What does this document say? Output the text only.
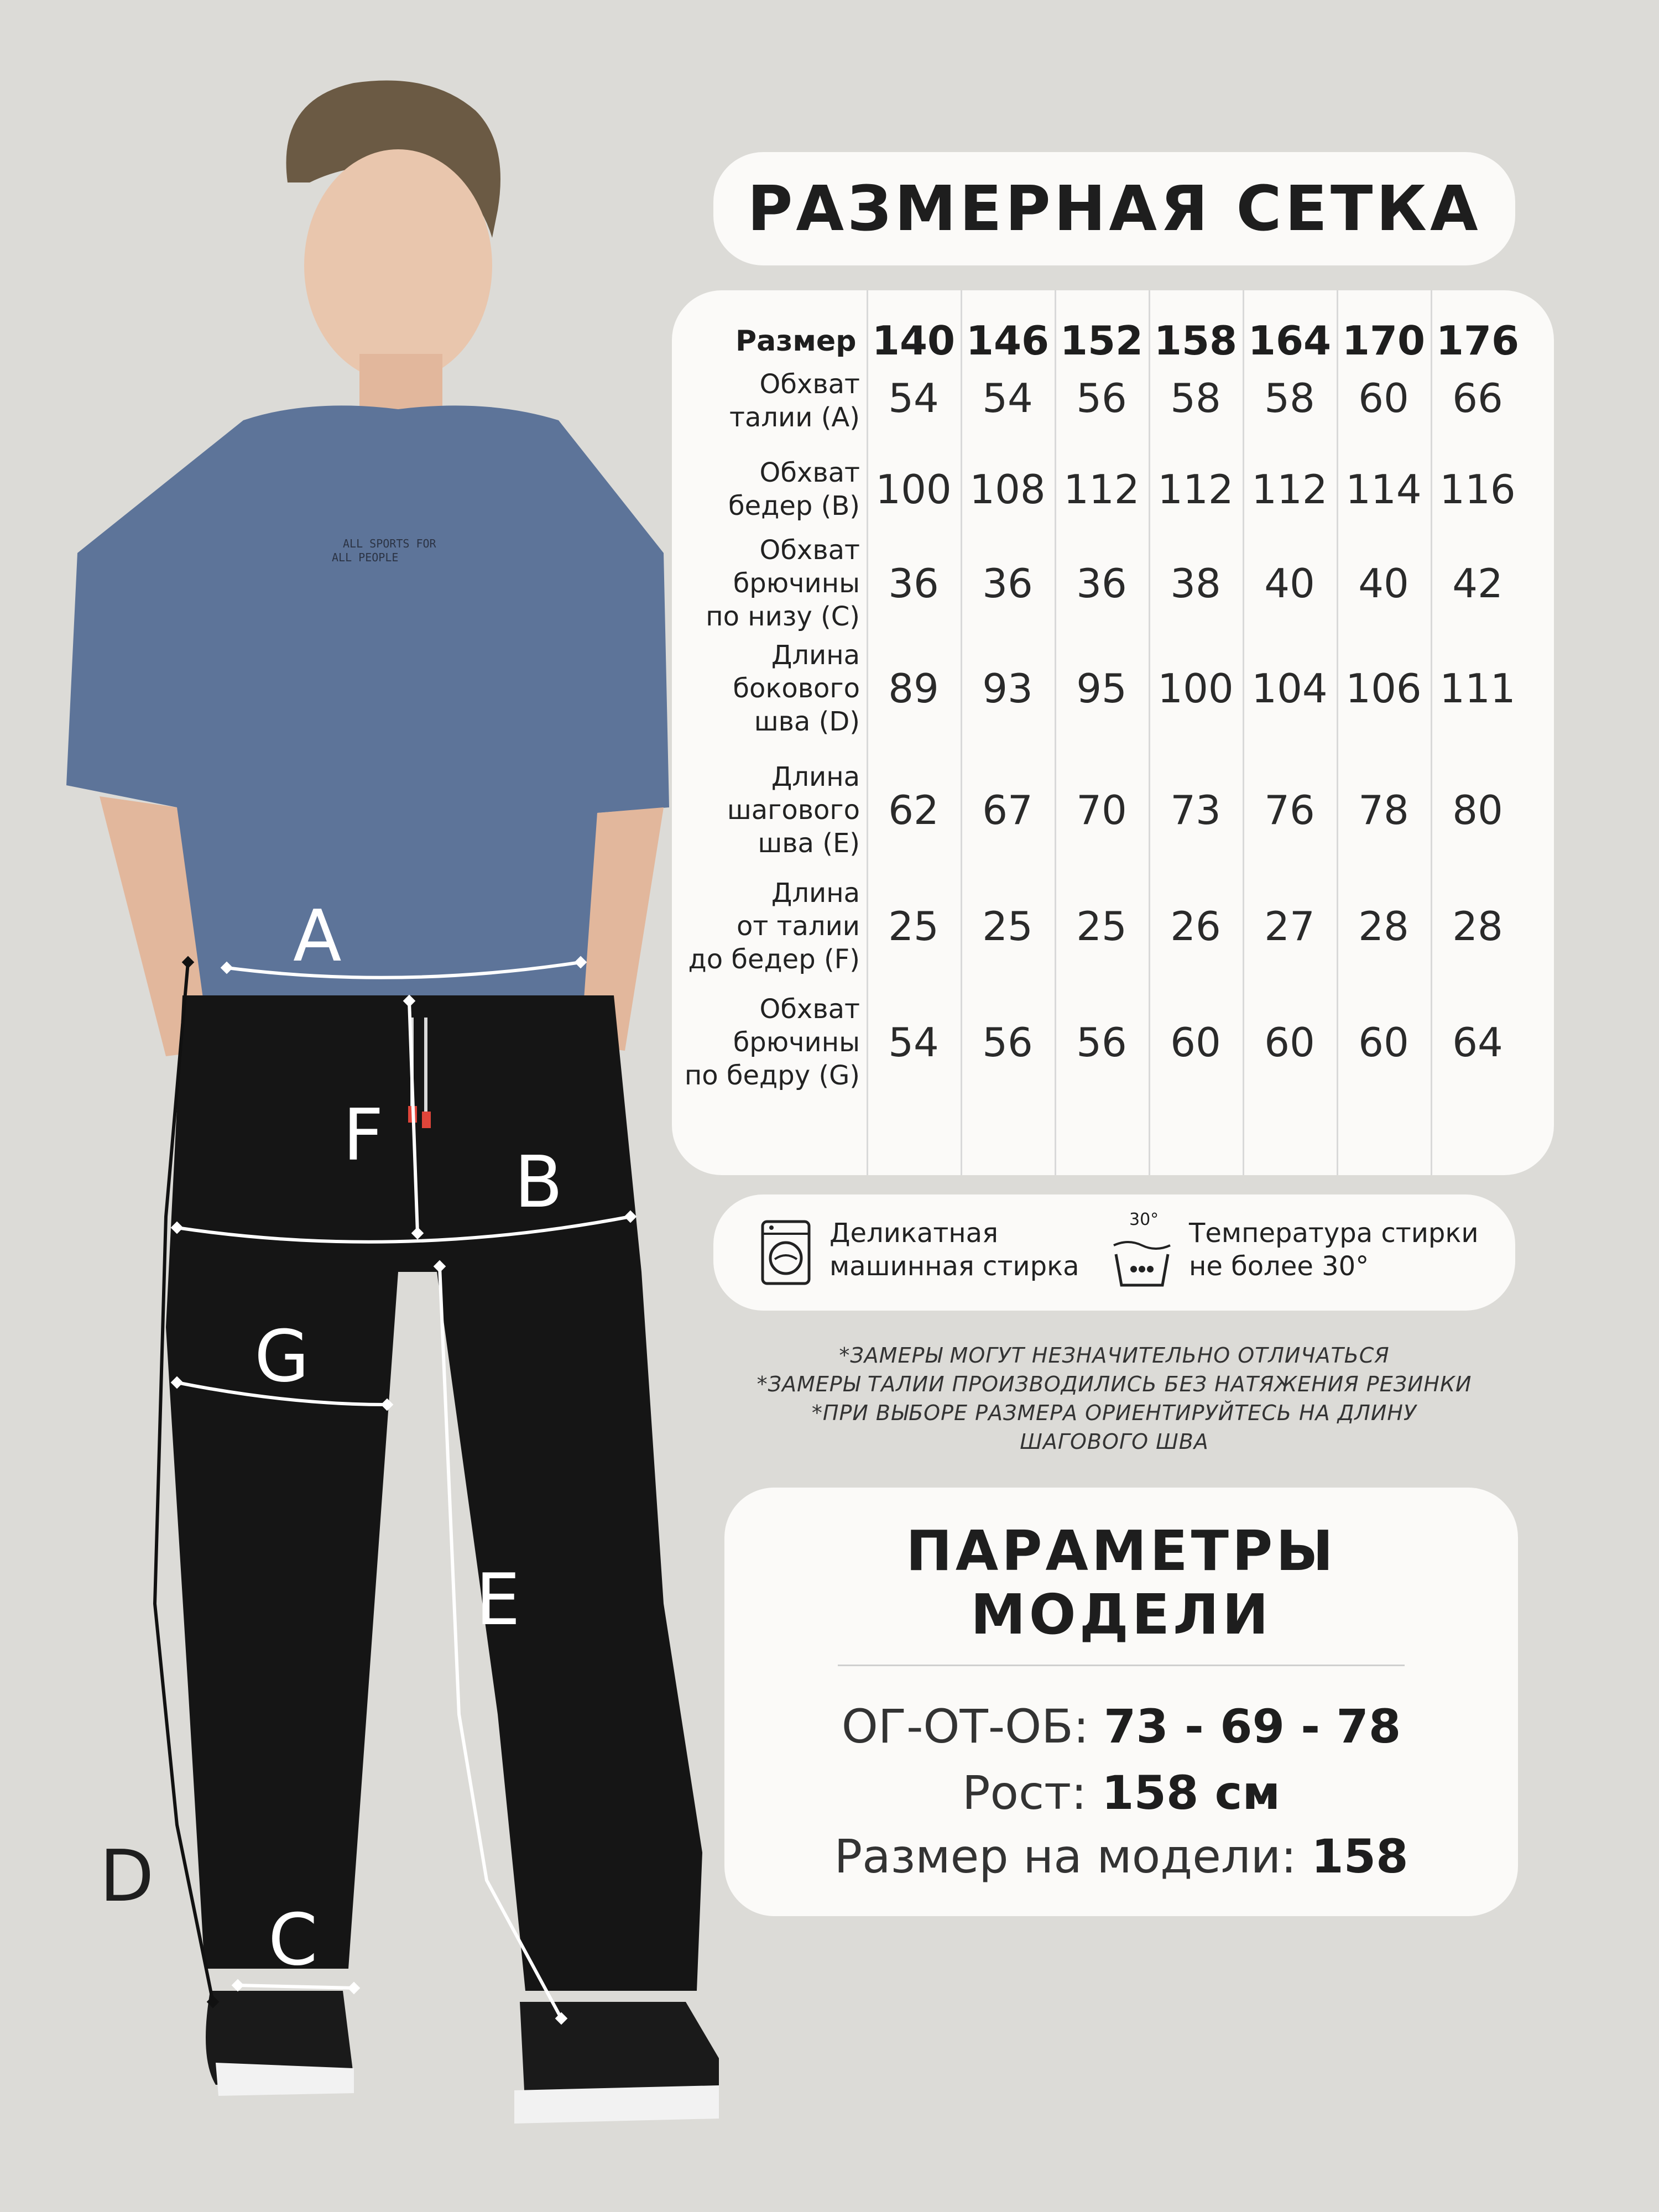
ALL SPORTS FOR
ALL PEOPLE
A
B
F
G
E
C
D
РАЗМЕРНАЯ СЕТКА
Размер 140 146 152 158 164 170 176
Обхват
талии (А) 54	54	56	58	58	60	66
Обхват
бедер (В) 100 108 112 112 112 114 116
Обхват
брючины
по низу (С)
36	36	36	38	40	40	42
Длина
бокового
шва (D)
89	93	95 100 104 106 111
Длина
шагового
шва (E)
62	67	70	73	76	78	80
Длина
от талии
до бедер (F)
25	25	25	26	27	28	28
Обхват
брючины
по бедру (G)
54	56	56	60	60	60	64
Деликатная
машинная стирка
30° Температура стирки
не более 30°
*ЗАМЕРЫ МОГУТ НЕЗНАЧИТЕЛЬНО ОТЛИЧАТЬСЯ
*ЗАМЕРЫ ТАЛИИ ПРОИЗВОДИЛИСЬ БЕЗ НАТЯЖЕНИЯ РЕЗИНКИ
*ПРИ ВЫБОРЕ РАЗМЕРА ОРИЕНТИРУЙТЕСЬ НА ДЛИНУ
ШАГОВОГО ШВА
ПАРАМЕТРЫ
МОДЕЛИ
ОГ-ОТ-ОБ: 73 - 69 - 78
Рост: 158 см
Размер на модели: 158
